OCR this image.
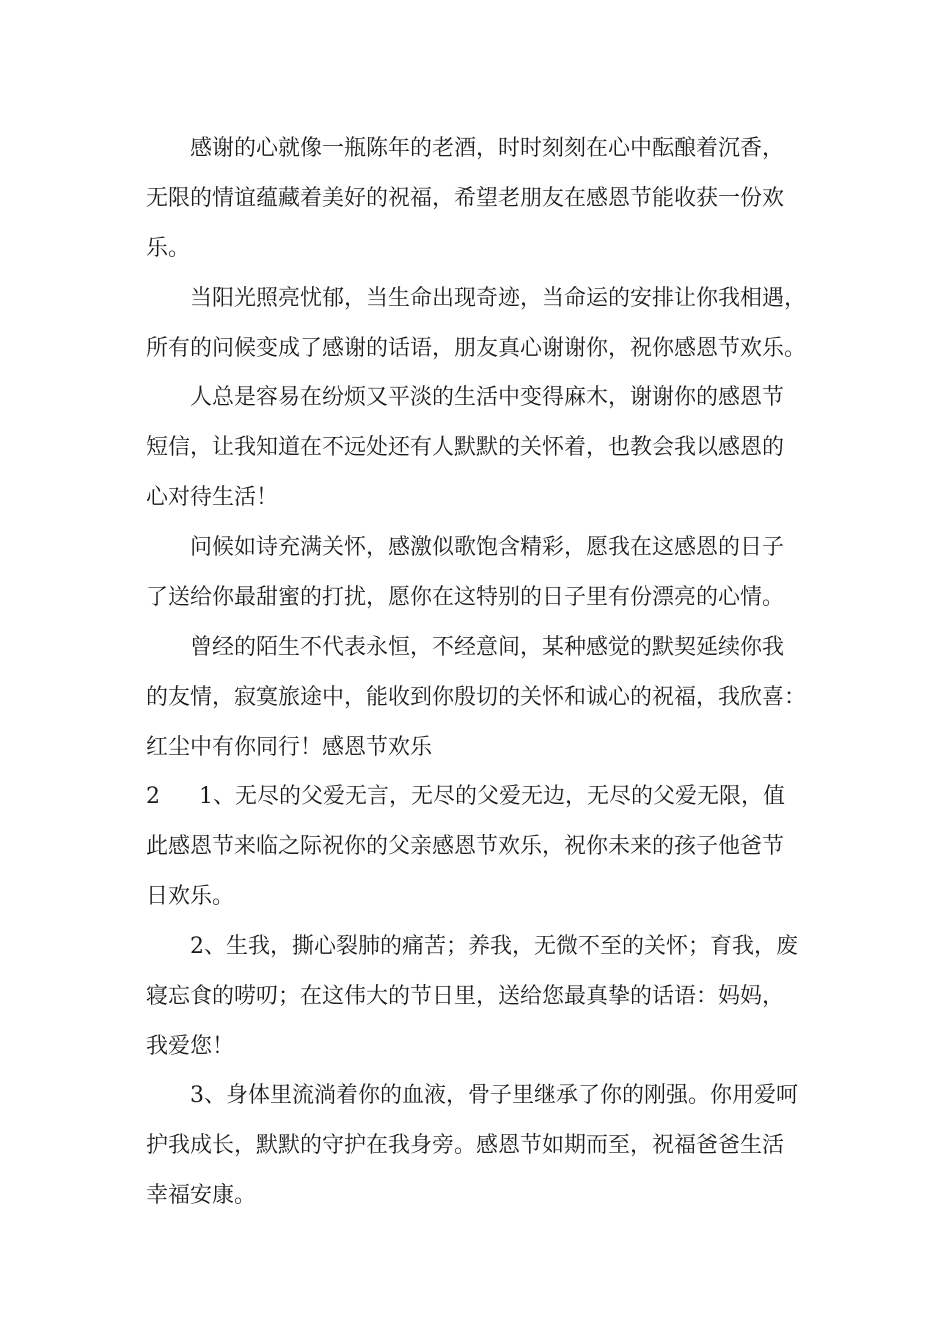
感谢的心就像一瓶陈年的老酒，时时刻刻在心中酝酿着沉香，
无限的情谊蕴藏着美好的祝福，希望老朋友在感恩节能收获一份欢
乐。
当阳光照亮忧郁，当生命出现奇迹，当命运的安排让你我相遇，
所有的问候变成了感谢的话语，朋友真心谢谢你，祝你感恩节欢乐。
人总是容易在纷烦又平淡的生活中变得麻木，谢谢你的感恩节
短信，让我知道在不远处还有人默默的关怀着，也教会我以感恩的
心对待生活！
问候如诗充满关怀，感激似歌饱含精彩，愿我在这感恩的日子
了送给你最甜蜜的打扰，愿你在这特别的日子里有份漂亮的心情。
曾经的陌生不代表永恒，不经意间，某种感觉的默契延续你我
的友情，寂寞旅途中，能收到你殷切的关怀和诚心的祝福，我欣喜：
红尘中有你同行！感恩节欢乐
2	1、无尽的父爱无言，无尽的父爱无边，无尽的父爱无限，值
此感恩节来临之际祝你的父亲感恩节欢乐，祝你未来的孩子他爸节
日欢乐。
2、生我，撕心裂肺的痛苦；养我，无微不至的关怀；育我，废
寝忘食的唠叨；在这伟大的节日里，送给您最真挚的话语：妈妈，
我爱您！
3、身体里流淌着你的血液，骨子里继承了你的刚强。你用爱呵
护我成长，默默的守护在我身旁。感恩节如期而至，祝福爸爸生活
幸福安康。
